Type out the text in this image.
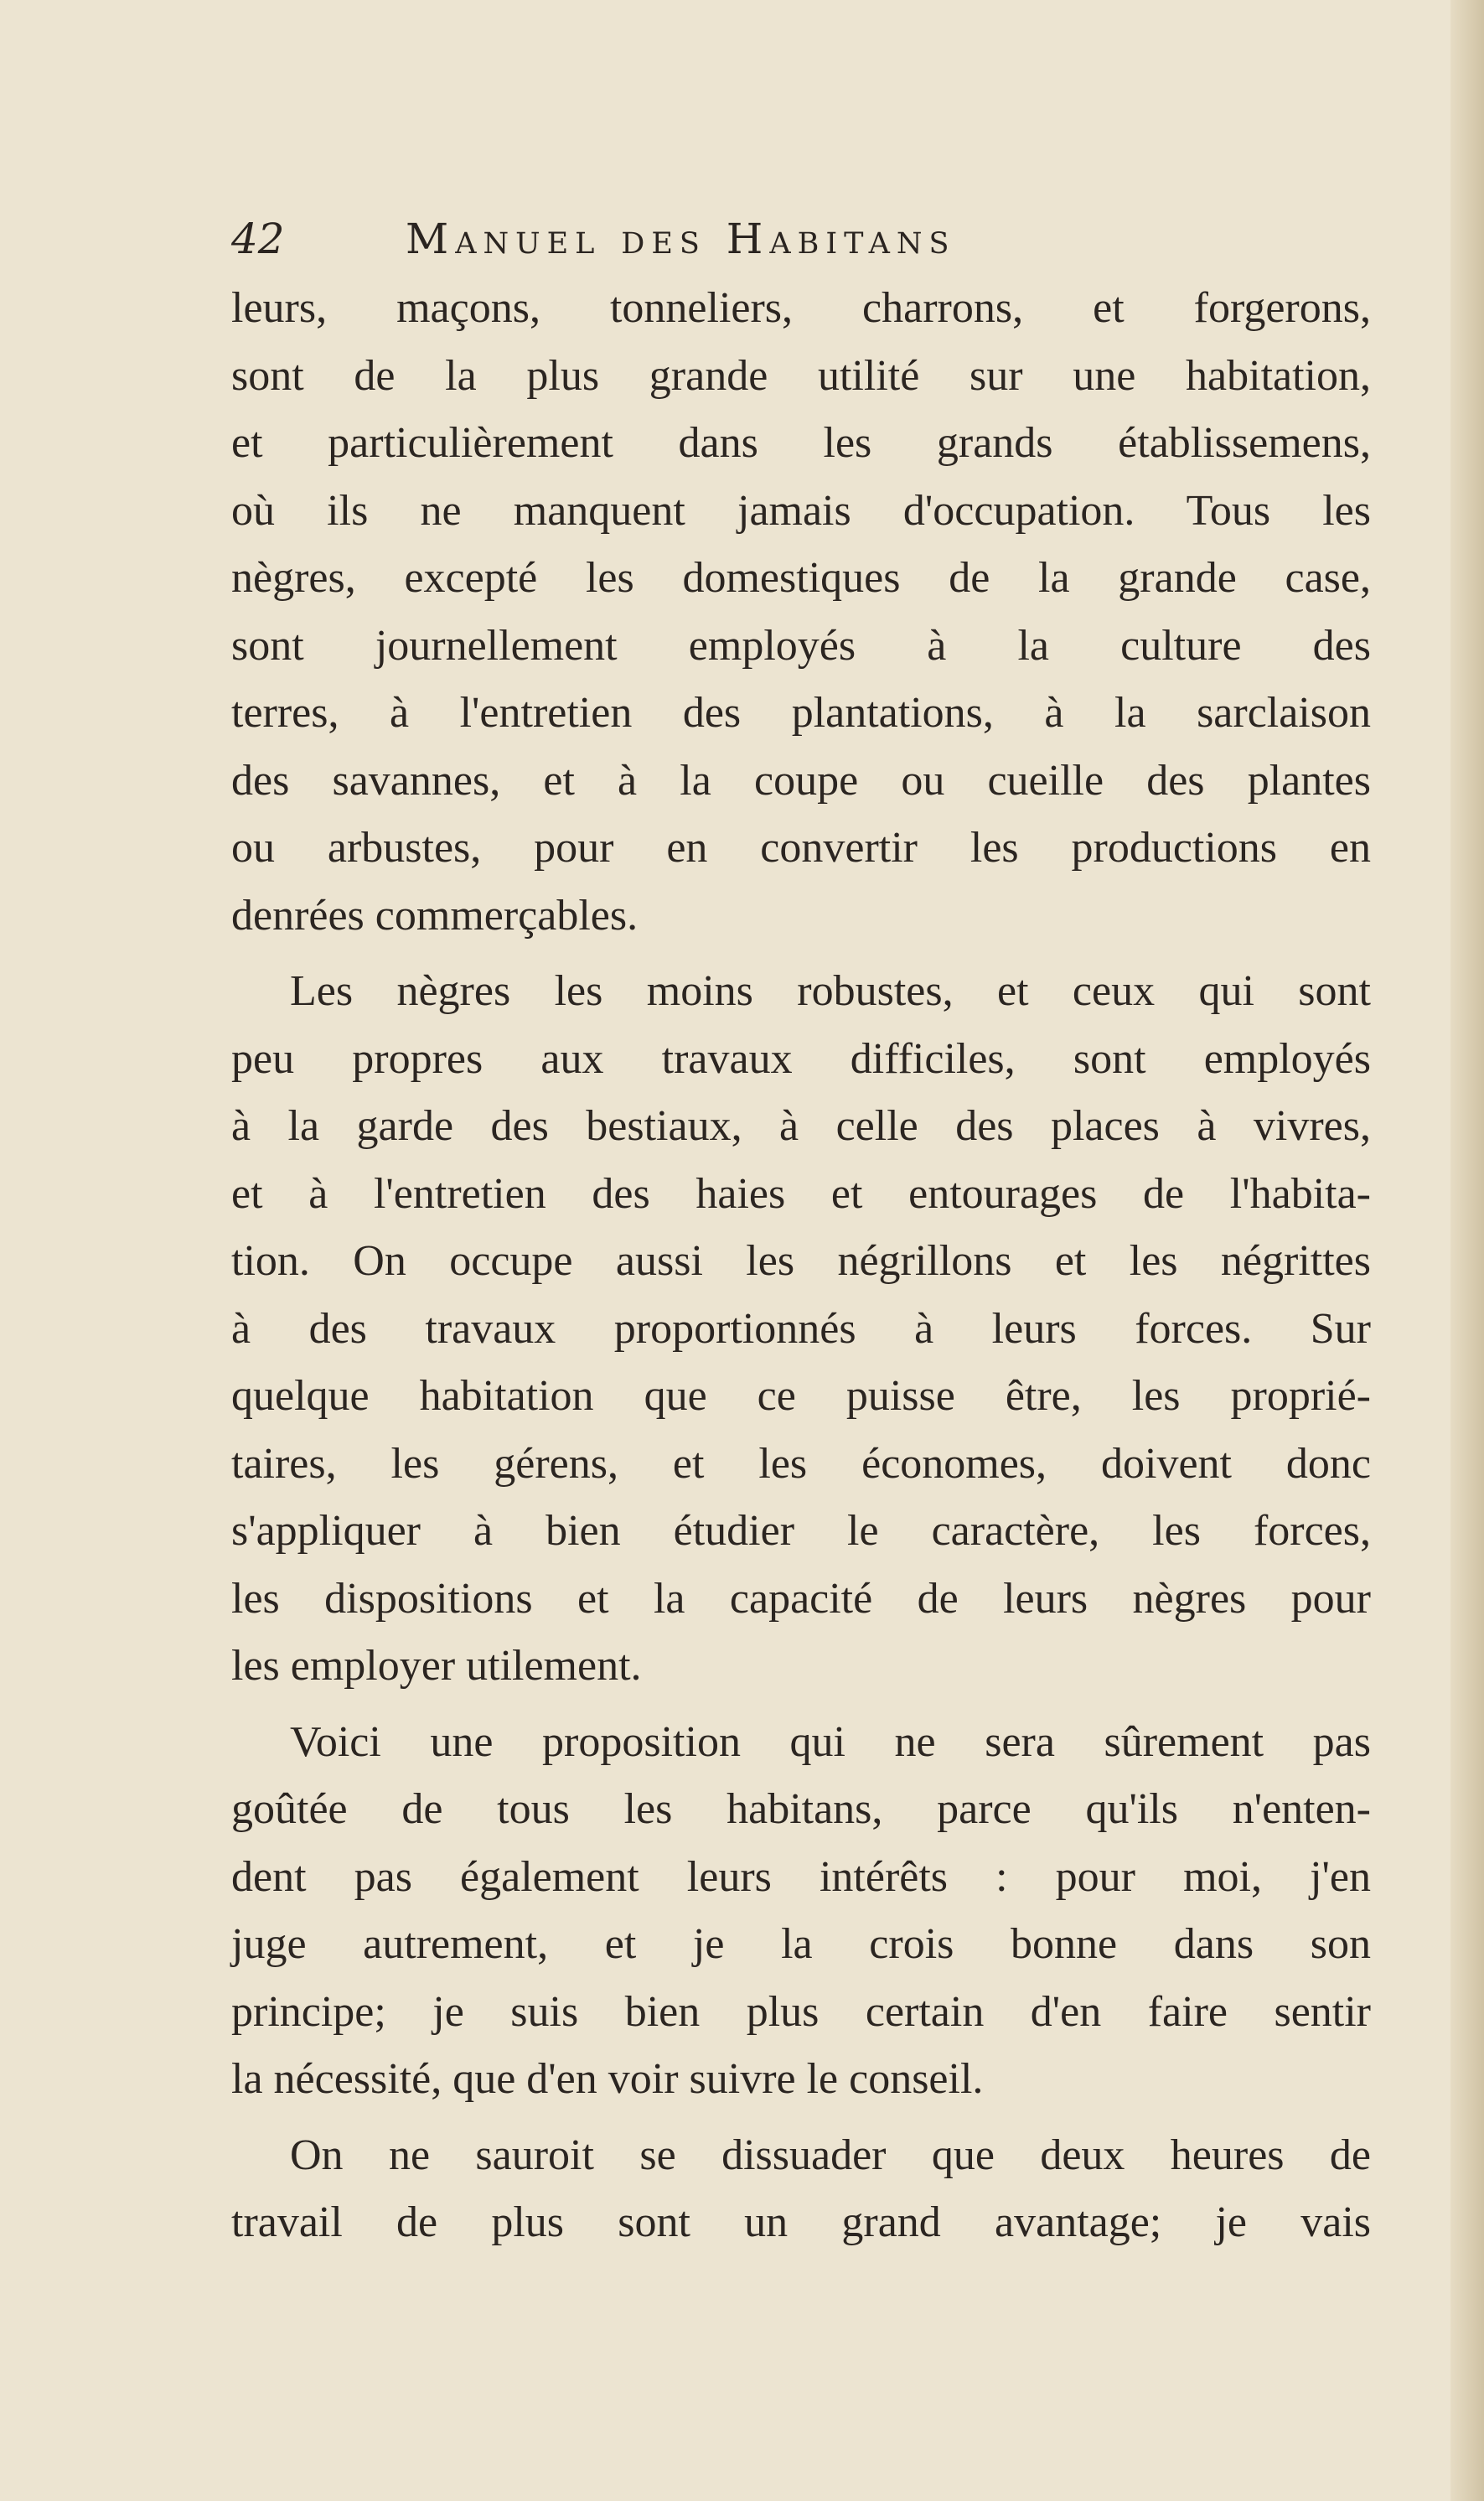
42	Manuel des Habitans
leurs, maçons, tonneliers, charrons, et forgerons,
sont de la plus grande utilité sur une habitation,
et particulièrement dans les grands établissemens,
où ils ne manquent jamais d'occupation. Tous les
nègres, excepté les domestiques de la grande case,
sont journellement employés à la culture des
terres, à l'entretien des plantations, à la sarclaison
des savannes, et à la coupe ou cueille des plantes
ou arbustes, pour en convertir les productions en
denrées commerçables.
Les nègres les moins robustes, et ceux qui sont
peu propres aux travaux difficiles, sont employés
à la garde des bestiaux, à celle des places à vivres,
et à l'entretien des haies et entourages de l'habita-
tion. On occupe aussi les négrillons et les négrittes
à des travaux proportionnés à leurs forces. Sur
quelque habitation que ce puisse être, les proprié-
taires, les gérens, et les économes, doivent donc
s'appliquer à bien étudier le caractère, les forces,
les dispositions et la capacité de leurs nègres pour
les employer utilement.
Voici une proposition qui ne sera sûrement pas
goûtée de tous les habitans, parce qu'ils n'enten-
dent pas également leurs intérêts : pour moi, j'en
juge autrement, et je la crois bonne dans son
principe; je suis bien plus certain d'en faire sentir
la nécessité, que d'en voir suivre le conseil.
On ne sauroit se dissuader que deux heures de
travail de plus sont un grand avantage; je vais
